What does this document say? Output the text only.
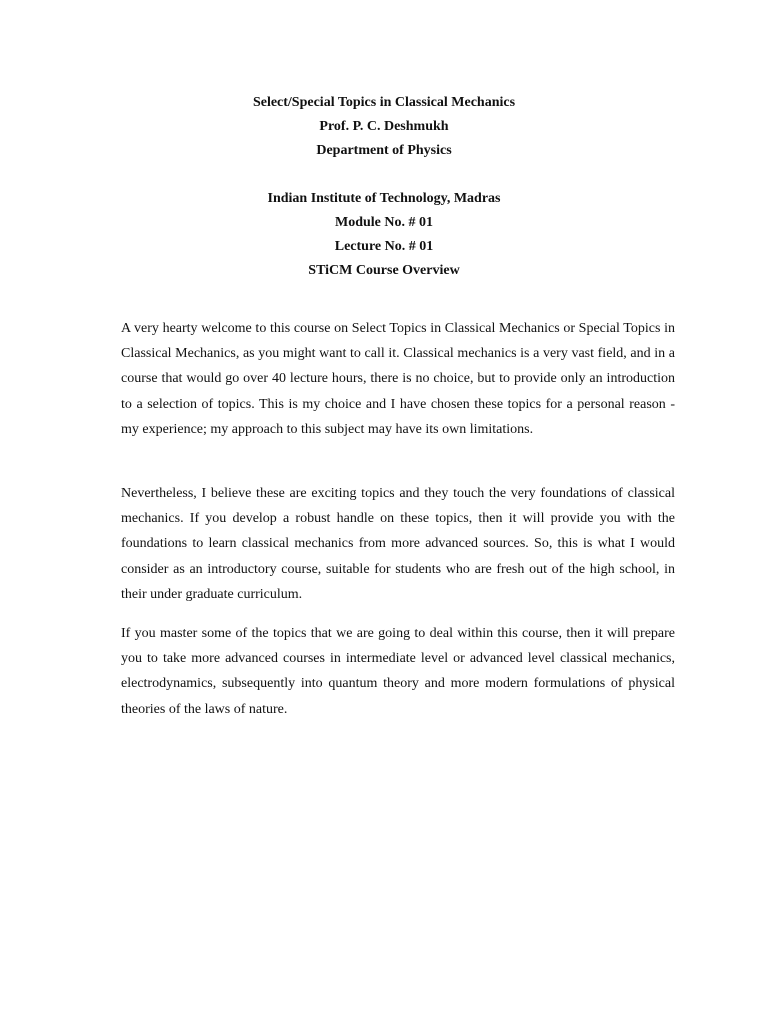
Select/Special Topics in Classical Mechanics
Prof. P. C. Deshmukh
Department of Physics
Indian Institute of Technology, Madras
Module No. # 01
Lecture No. # 01
STiCM Course Overview

A very hearty welcome to this course on Select Topics in Classical Mechanics or Special Topics in Classical Mechanics, as you might want to call it. Classical mechanics is a very vast field, and in a course that would go over 40 lecture hours, there is no choice, but to provide only an introduction to a selection of topics. This is my choice and I have chosen these topics for a personal reason - my experience; my approach to this subject may have its own limitations.

Nevertheless, I believe these are exciting topics and they touch the very foundations of classical mechanics. If you develop a robust handle on these topics, then it will provide you with the foundations to learn classical mechanics from more advanced sources. So, this is what I would consider as an introductory course, suitable for students who are fresh out of the high school, in their under graduate curriculum.

If you master some of the topics that we are going to deal within this course, then it will prepare you to take more advanced courses in intermediate level or advanced level classical mechanics, electrodynamics, subsequently into quantum theory and more modern formulations of physical theories of the laws of nature.
